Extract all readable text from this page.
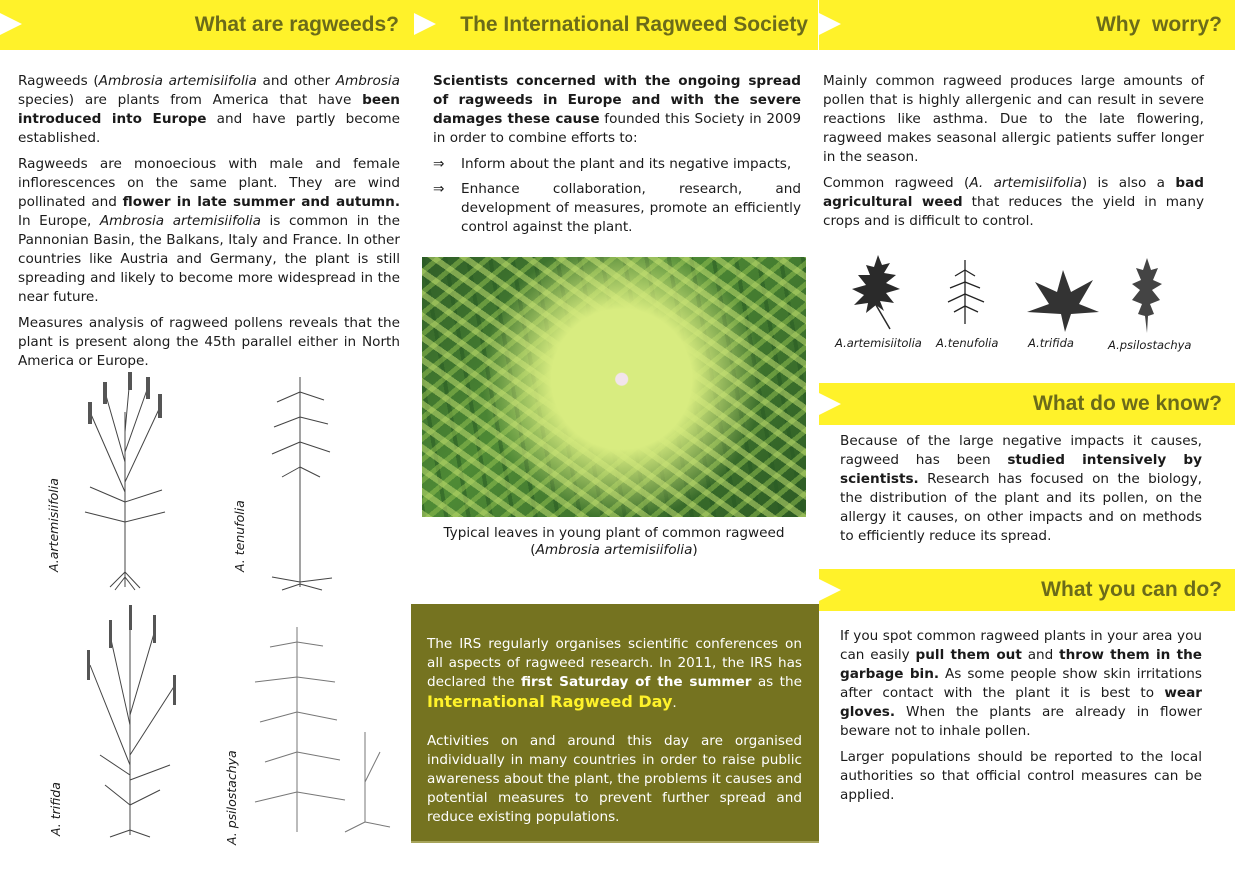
What are ragweeds?	The International Ragweed Society	Why  worry?

Ragweeds (Ambrosia artemisiifolia and other Ambrosia species) are plants from America that have been introduced into Europe and have partly become established.

Ragweeds are monoecious with male and female inflorescences on the same plant. They are wind pollinated and flower in late summer and autumn. In Europe, Ambrosia artemisiifolia is common in the Pannonian Basin, the Balkans, Italy and France. In other countries like Austria and Germany, the plant is still spreading and likely to become more widespread in the near future.

Measures analysis of ragweed pollens reveals that the plant is present along the 45th parallel either in North America or Europe.

A.artemisiifolia	A. tenufolia
A. trifida	A. psilostachya

Scientists concerned with the ongoing spread of ragweeds in Europe and with the severe damages these cause founded this Society in 2009 in order to combine efforts to:

⇒ Inform about the plant and its negative impacts,
⇒ Enhance collaboration, research, and development of measures, promote an efficiently control against the plant.
Typical leaves in young plant of common ragweed
(Ambrosia artemisiifolia)

The IRS regularly organises scientific conferences on all aspects of ragweed research. In 2011, the IRS has declared the first Saturday of the summer as the International Ragweed Day.

Activities on and around this day are organised individually in many countries in order to raise public awareness about the plant, the problems it causes and potential measures to prevent further spread and reduce existing populations.

Mainly common ragweed produces large amounts of pollen that is highly allergenic and can result in severe reactions like asthma. Due to the late flowering, ragweed makes seasonal allergic patients suffer longer in the season.

Common ragweed (A. artemisiifolia) is also a bad agricultural weed that reduces the yield in many crops and is difficult to control.

A.artemisiitolia A.tenufolia	A.trifida	A.psilostachya
What do we know?

Because of the large negative impacts it causes, ragweed has been studied intensively by scientists. Research has focused on the biology, the distribution of the plant and its pollen, on the allergy it causes, on other impacts and on methods to efficiently reduce its spread.

What you can do?

If you spot common ragweed plants in your area you can easily pull them out and throw them in the garbage bin. As some people show skin irritations after contact with the plant it is best to wear gloves. When the plants are already in flower beware not to inhale pollen.

Larger populations should be reported to the local authorities so that official control measures can be applied.
